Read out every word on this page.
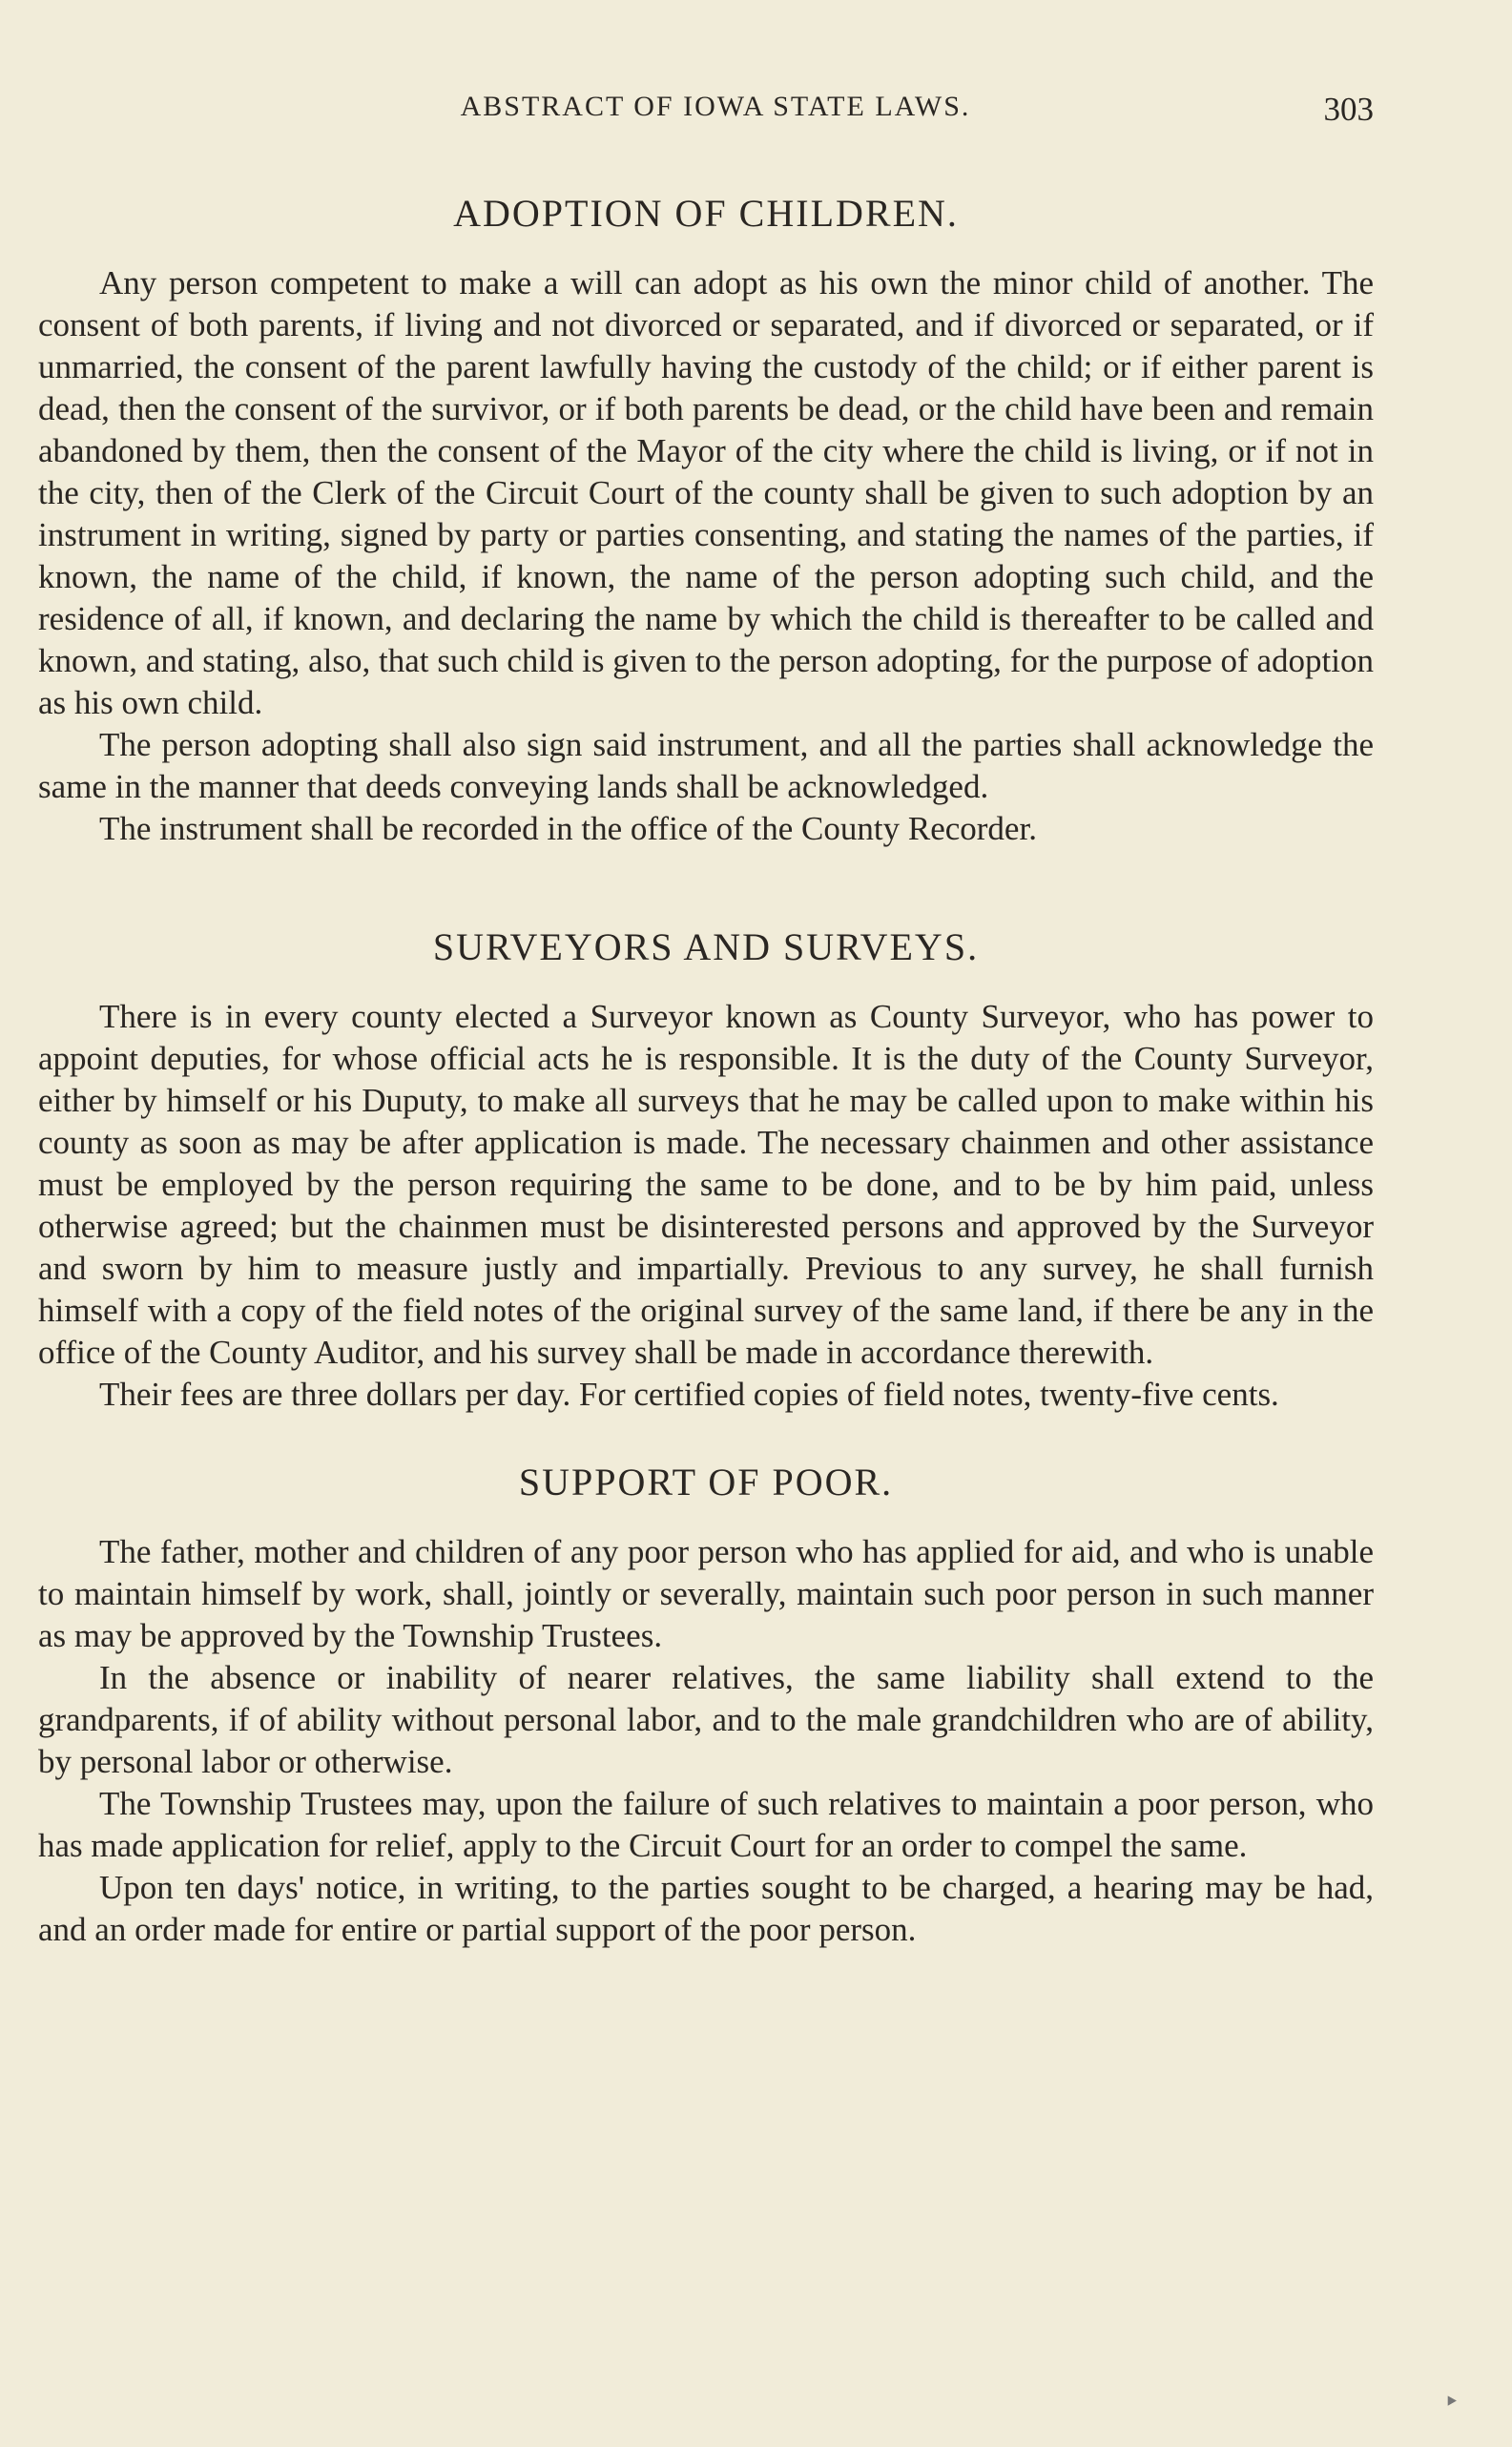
ABSTRACT OF IOWA STATE LAWS.	303
ADOPTION OF CHILDREN.

Any person competent to make a will can adopt as his own the minor child of another. The consent of both parents, if living and not divorced or separated, and if divorced or separated, or if unmarried, the consent of the parent lawfully having the custody of the child; or if either parent is dead, then the consent of the survivor, or if both parents be dead, or the child have been and remain abandoned by them, then the consent of the Mayor of the city where the child is living, or if not in the city, then of the Clerk of the Circuit Court of the county shall be given to such adoption by an instrument in writing, signed by party or parties consenting, and stating the names of the parties, if known, the name of the child, if known, the name of the person adopting such child, and the residence of all, if known, and declaring the name by which the child is thereafter to be called and known, and stating, also, that such child is given to the person adopting, for the purpose of adoption as his own child.

The person adopting shall also sign said instrument, and all the parties shall acknowledge the same in the manner that deeds conveying lands shall be acknowledged.

The instrument shall be recorded in the office of the County Recorder.

SURVEYORS AND SURVEYS.

There is in every county elected a Surveyor known as County Surveyor, who has power to appoint deputies, for whose official acts he is responsible. It is the duty of the County Surveyor, either by himself or his Duputy, to make all surveys that he may be called upon to make within his county as soon as may be after application is made. The necessary chainmen and other assistance must be employed by the person requiring the same to be done, and to be by him paid, unless otherwise agreed; but the chainmen must be disinterested persons and approved by the Surveyor and sworn by him to measure justly and impartially. Previous to any survey, he shall furnish himself with a copy of the field notes of the original survey of the same land, if there be any in the office of the County Auditor, and his survey shall be made in accordance therewith.

Their fees are three dollars per day. For certified copies of field notes, twenty-five cents.

SUPPORT OF POOR.

The father, mother and children of any poor person who has applied for aid, and who is unable to maintain himself by work, shall, jointly or severally, maintain such poor person in such manner as may be approved by the Township Trustees.

In the absence or inability of nearer relatives, the same liability shall extend to the grandparents, if of ability without personal labor, and to the male grandchildren who are of ability, by personal labor or otherwise.

The Township Trustees may, upon the failure of such relatives to maintain a poor person, who has made application for relief, apply to the Circuit Court for an order to compel the same.

Upon ten days' notice, in writing, to the parties sought to be charged, a hearing may be had, and an order made for entire or partial support of the poor person.

‣
